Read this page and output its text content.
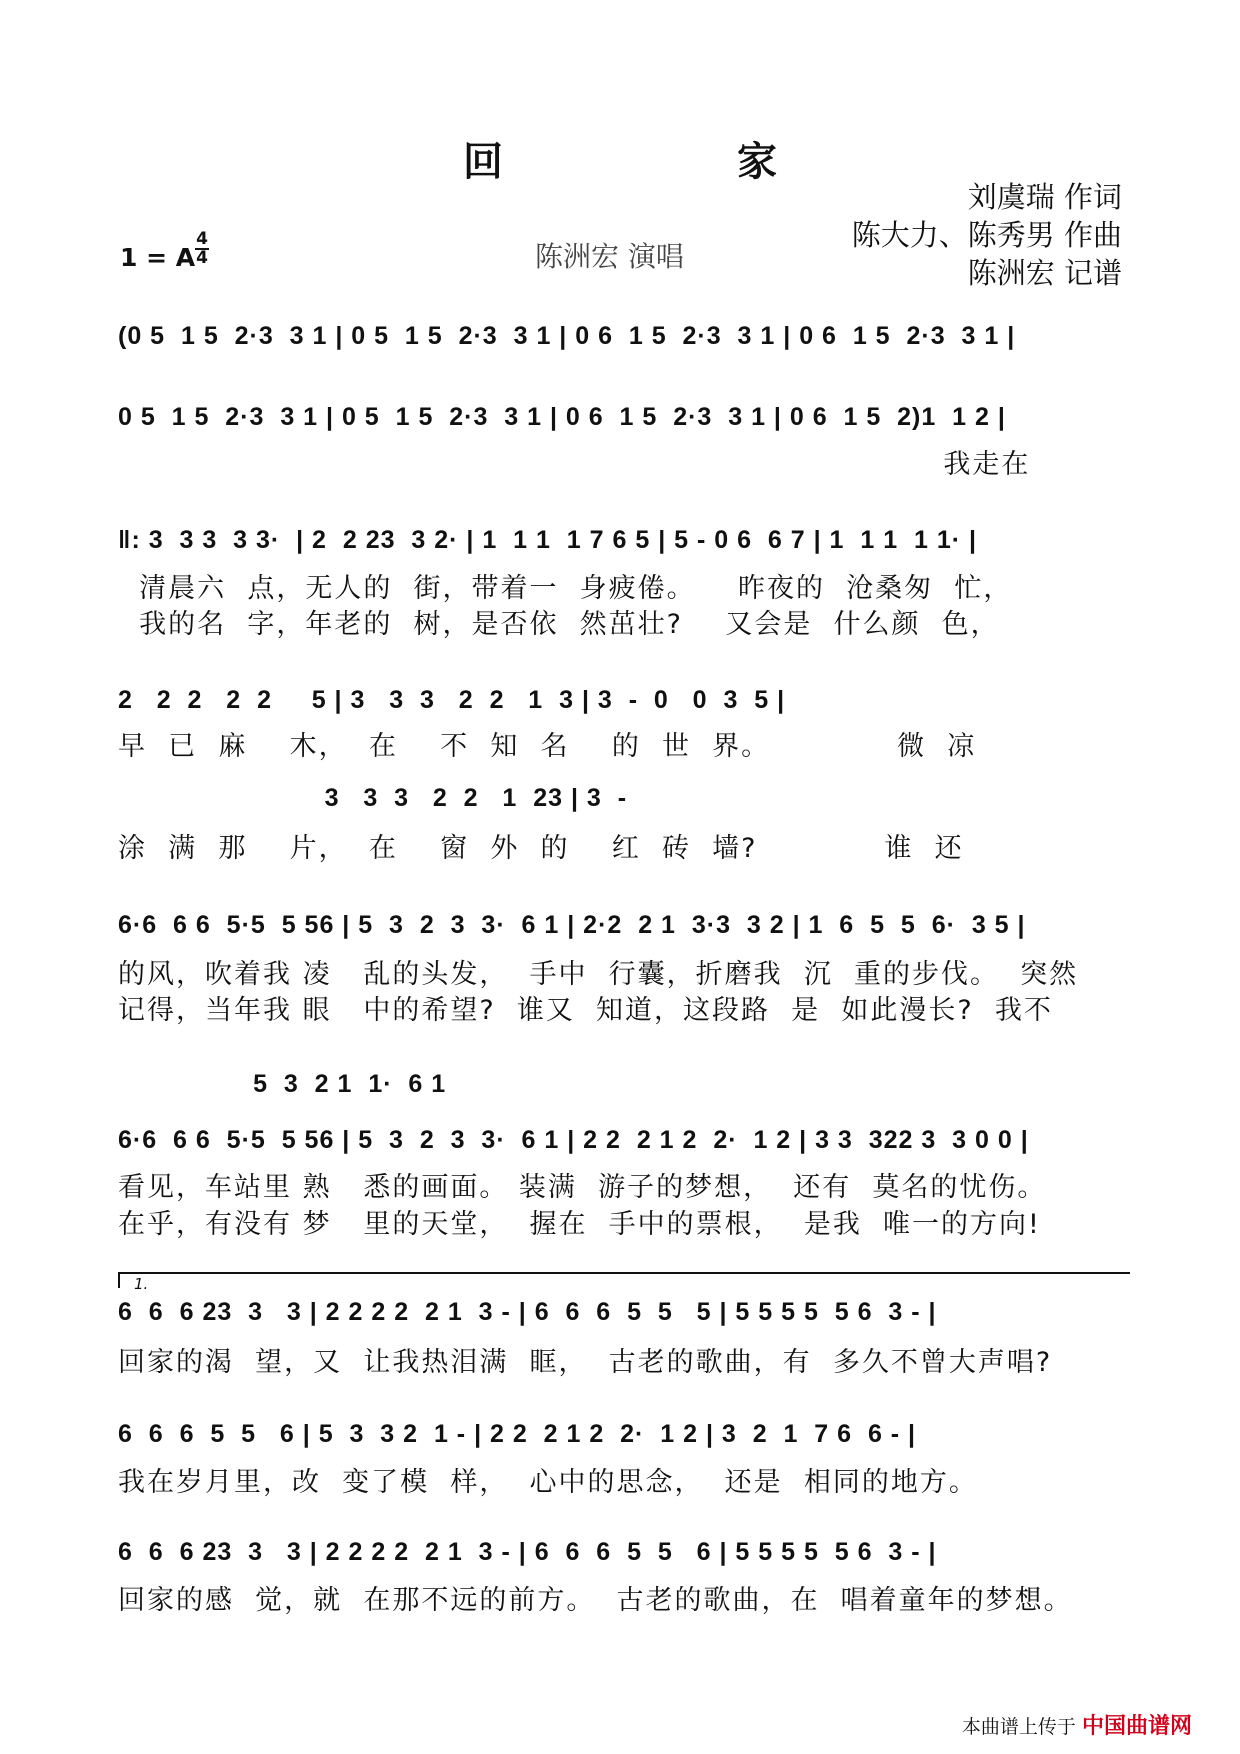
回 家
刘虞瑞 作词
陈大力、陈秀男 作曲
陈洲宏 记谱
1 = A
4
4	陈洲宏 演唱
(0 5  1 5  2·3  3 1 | 0 5  1 5  2·3  3 1 | 0 6  1 5  2·3  3 1 | 0 6  1 5  2·3  3 1 |
0 5  1 5  2·3  3 1 | 0 5  1 5  2·3  3 1 | 0 6  1 5  2·3  3 1 | 0 6  1 5  2)1  1 2 |
我走在
‖: 3  3 3  3 3·  | 2  2 23  3 2· | 1  1 1  1 7 6 5 | 5 - 0 6  6 7 | 1  1 1  1 1· |
清晨六  点，无人的  街，带着一  身疲倦。    昨夜的  沧桑匆  忙，
我的名  字，年老的  树，是否依  然茁壮?    又会是  什么颜  色，
2   2  2   2  2     5 | 3   3  3   2  2   1  3 | 3  -  0   0  3  5 |
早  已  麻    木，  在    不  知  名    的  世  界。            微  凉
3   3  3   2  2   1  23 | 3  -
涂  满  那    片，  在    窗  外  的    红  砖  墙?            谁  还
6·6  6 6  5·5  5 56 | 5  3  2  3  3·  6 1 | 2·2  2 1  3·3  3 2 | 1  6  5  5  6·  3 5 |
的风，吹着我 凌   乱的头发，  手中  行囊，折磨我  沉  重的步伐。  突然
记得，当年我 眼   中的希望?  谁又  知道，这段路  是  如此漫长?  我不
5  3  2 1  1·  6 1
6·6  6 6  5·5  5 56 | 5  3  2  3  3·  6 1 | 2 2  2 1 2  2·  1 2 | 3 3  322 3  3 0 0 |
看见，车站里 熟   悉的画面。 装满  游子的梦想，  还有  莫名的忧伤。
在乎，有没有 梦   里的天堂，  握在  手中的票根，  是我  唯一的方向!
1.
6  6  6 23  3   3 | 2 2 2 2  2 1  3 - | 6  6  6  5  5   5 | 5 5 5 5  5 6  3 - |
回家的渴  望，又  让我热泪满  眶，  古老的歌曲，有  多久不曾大声唱?
6  6  6  5  5   6 | 5  3  3 2  1 - | 2 2  2 1 2  2·  1 2 | 3  2  1  7 6  6 - |
我在岁月里，改  变了模  样，  心中的思念，  还是  相同的地方。
6  6  6 23  3   3 | 2 2 2 2  2 1  3 - | 6  6  6  5  5   6 | 5 5 5 5  5 6  3 - |
回家的感  觉，就  在那不远的前方。  古老的歌曲，在  唱着童年的梦想。
本曲谱上传于 中国曲谱网
